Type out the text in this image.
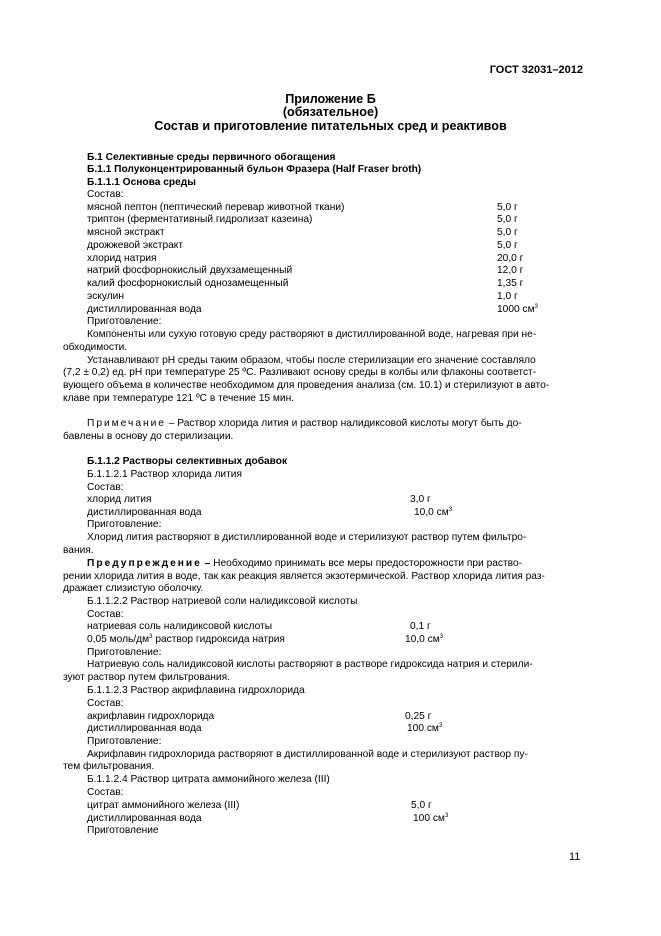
ГОСТ 32031–2012
Приложение Б
(обязательное)
Состав и приготовление питательных сред и реактивов
Б.1 Селективные среды первичного обогащения
Б.1.1 Полуконцентрированный бульон Фразера (Half Fraser broth)
Б.1.1.1 Основа среды
Состав:
мясной пептон (пептический перевар животной ткани)	5,0 г
триптон (ферментативный гидролизат казеина)	5,0 г
мясной экстракт	5,0 г
дрожжевой экстракт	5,0 г
хлорид натрия	20,0 г
натрий фосфорнокислый двухзамещенный	12,0 г
калий фосфорнокислый однозамещенный	1,35 г
эскулин	1,0 г
дистиллированная вода	1000 $см^3$
Приготовление:
Компоненты или сухую готовую среду растворяют в дистиллированной воде, нагревая при не-
обходимости.
Устанавливают pH среды таким образом, чтобы после стерилизации его значение составляло
(7,2 ± 0,2) ед. pH при температуре 25 ºС. Разливают основу среды в колбы или флаконы соответст-
вующего объема в количестве необходимом для проведения анализа (см. 10.1) и стерилизуют в авто-
клаве при температуре 121 ºС в течение 15 мин.
Примечание – Раствор хлорида лития и раствор налидиксовой кислоты могут быть до-
бавлены в основу до стерилизации.
Б.1.1.2 Растворы селективных добавок
Б.1.1.2.1 Раствор хлорида лития
Состав:
хлорид лития	3,0 г
дистиллированная вода	10,0 $см^3$
Приготовление:
Хлорид лития растворяют в дистиллированной воде и стерилизуют раствор путем фильтро-
вания.
Предупреждение – Необходимо принимать все меры предосторожности при раство-
рении хлорида лития в воде, так как реакция является экзотермической. Раствор хлорида лития раз-
дражает слизистую оболочку.
Б.1.1.2.2 Раствор натриевой соли налидиксовой кислоты
Состав:
натриевая соль налидиксовой кислоты	0,1 г
0,05 моль/$дм^3$ раствор гидроксида натрия	10,0 $см^3$
Приготовление:
Натриевую соль налидиксовой кислоты растворяют в растворе гидроксида натрия и стерили-
зуют раствор путем фильтрования.
Б.1.1.2.3 Раствор акрифлавина гидрохлорида
Состав:
акрифлавин гидрохлорида	0,25 г
дистиллированная вода	100 $см^3$
Приготовление:
Акрифлавин гидрохлорида растворяют в дистиллированной воде и стерилизуют раствор пу-
тем фильтрования.
Б.1.1.2.4 Раствор цитрата аммонийного железа (III)
Состав:
цитрат аммонийного железа (III)	5,0 г
дистиллированная вода	100 $см^3$
Приготовление
11
